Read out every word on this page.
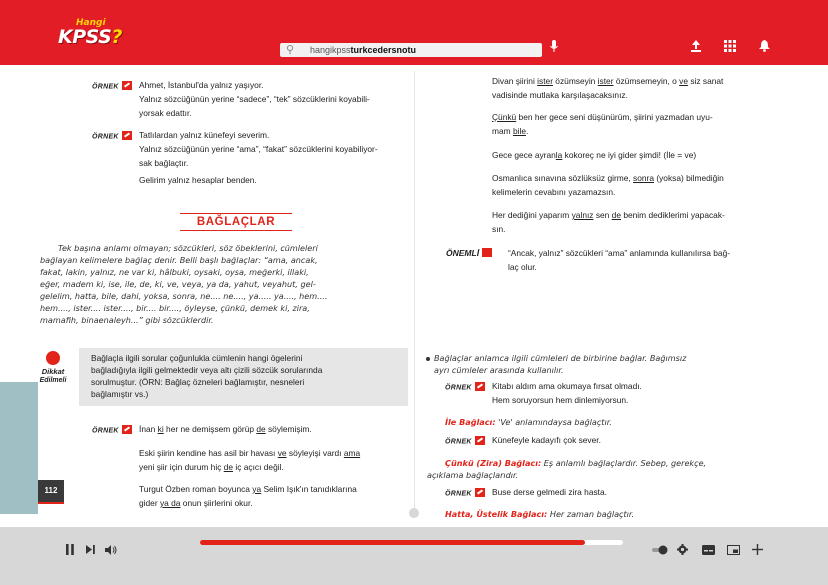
Hangi
KPSS?
⚲ hangikpssturkcedersnotu
ÖRNEK	Ahmet, İstanbul'da yalnız yaşıyor.
Yalnız sözcüğünün yerine “sadece”, “tek” sözcüklerini koyabili-
yorsak edattır.
ÖRNEK	Tatlılardan yalnız künefeyi severim.
Yalnız sözcüğünün yerine “ama”, “fakat” sözcüklerini koyabiliyor-
sak bağlaçtır.
Gelirim yalnız hesaplar benden.
BAĞLAÇLAR
Tek başına anlamı olmayan; sözcükleri, söz öbeklerini, cümleleri
bağlayan kelimelere bağlaç denir. Belli başlı bağlaçlar: “ama, ancak,
fakat, lakin, yalnız, ne var ki, hâlbuki, oysaki, oysa, meğerki, illaki,
eğer, madem ki, ise, ile, de, ki, ve, veya, ya da, yahut, veyahut, gel-
gelelim, hatta, bile, dahi, yoksa, sonra, ne.... ne...., ya..... ya...., hem....
hem...., ister.... ister...., bir.... bir...., öyleyse, çünkü, demek ki, zira,
mamafih, binaenaleyh...” gibi sözcüklerdir.
Dikkat
Edilmeli
Bağlaçla ilgili sorular çoğunlukla cümlenin hangi ögelerini
bağladığıyla ilgili gelmektedir veya altı çizili sözcük sorularında
sorulmuştur. (ÖRN: Bağlaç özneleri bağlamıştır, nesneleri
bağlamıştır vs.)
ÖRNEK	İnan ki her ne demişsem görüp de söylemişim.
Eski şiirin kendine has asil bir havası ve söyleyişi vardı ama
yeni şiir için durum hiç de iç açıcı değil.
Turgut Özben roman boyunca ya Selim Işık'ın tanıdıklarına
gider ya da onun şiirlerini okur.
Divan şiirini ister özümseyin ister özümsemeyin, o ve siz sanat
vadisinde mutlaka karşılaşacaksınız.
Çünkü ben her gece seni düşünürüm, şiirini yazmadan uyu-
mam bile.
Gece gece ayranla kokoreç ne iyi gider şimdi! (İle = ve)
Osmanlıca sınavına sözlüksüz girme, sonra (yoksa) bilmediğin
kelimelerin cevabını yazamazsın.
Her dediğini yaparım yalnız sen de benim dediklerimi yapacak-
sın.
ÖNEMLİ	“Ancak, yalnız” sözcükleri “ama” anlamında kullanılırsa bağ-
laç olur.
Bağlaçlar anlamca ilgili cümleleri de birbirine bağlar. Bağımsız
ayrı cümleler arasında kullanılır.
ÖRNEK	Kitabı aldım ama okumaya fırsat olmadı.
Hem soruyorsun hem dinlemiyorsun.
İle Bağlacı: 'Ve' anlamındaysa bağlaçtır.
ÖRNEK	Künefeyle kadayıfı çok sever.
Çünkü (Zira) Bağlacı: Eş anlamlı bağlaçlardır. Sebep, gerekçe,
açıklama bağlaçlarıdır.
ÖRNEK	Buse derse gelmedi zira hasta.
Hatta, Üstelik Bağlacı: Her zaman bağlaçtır.
112
